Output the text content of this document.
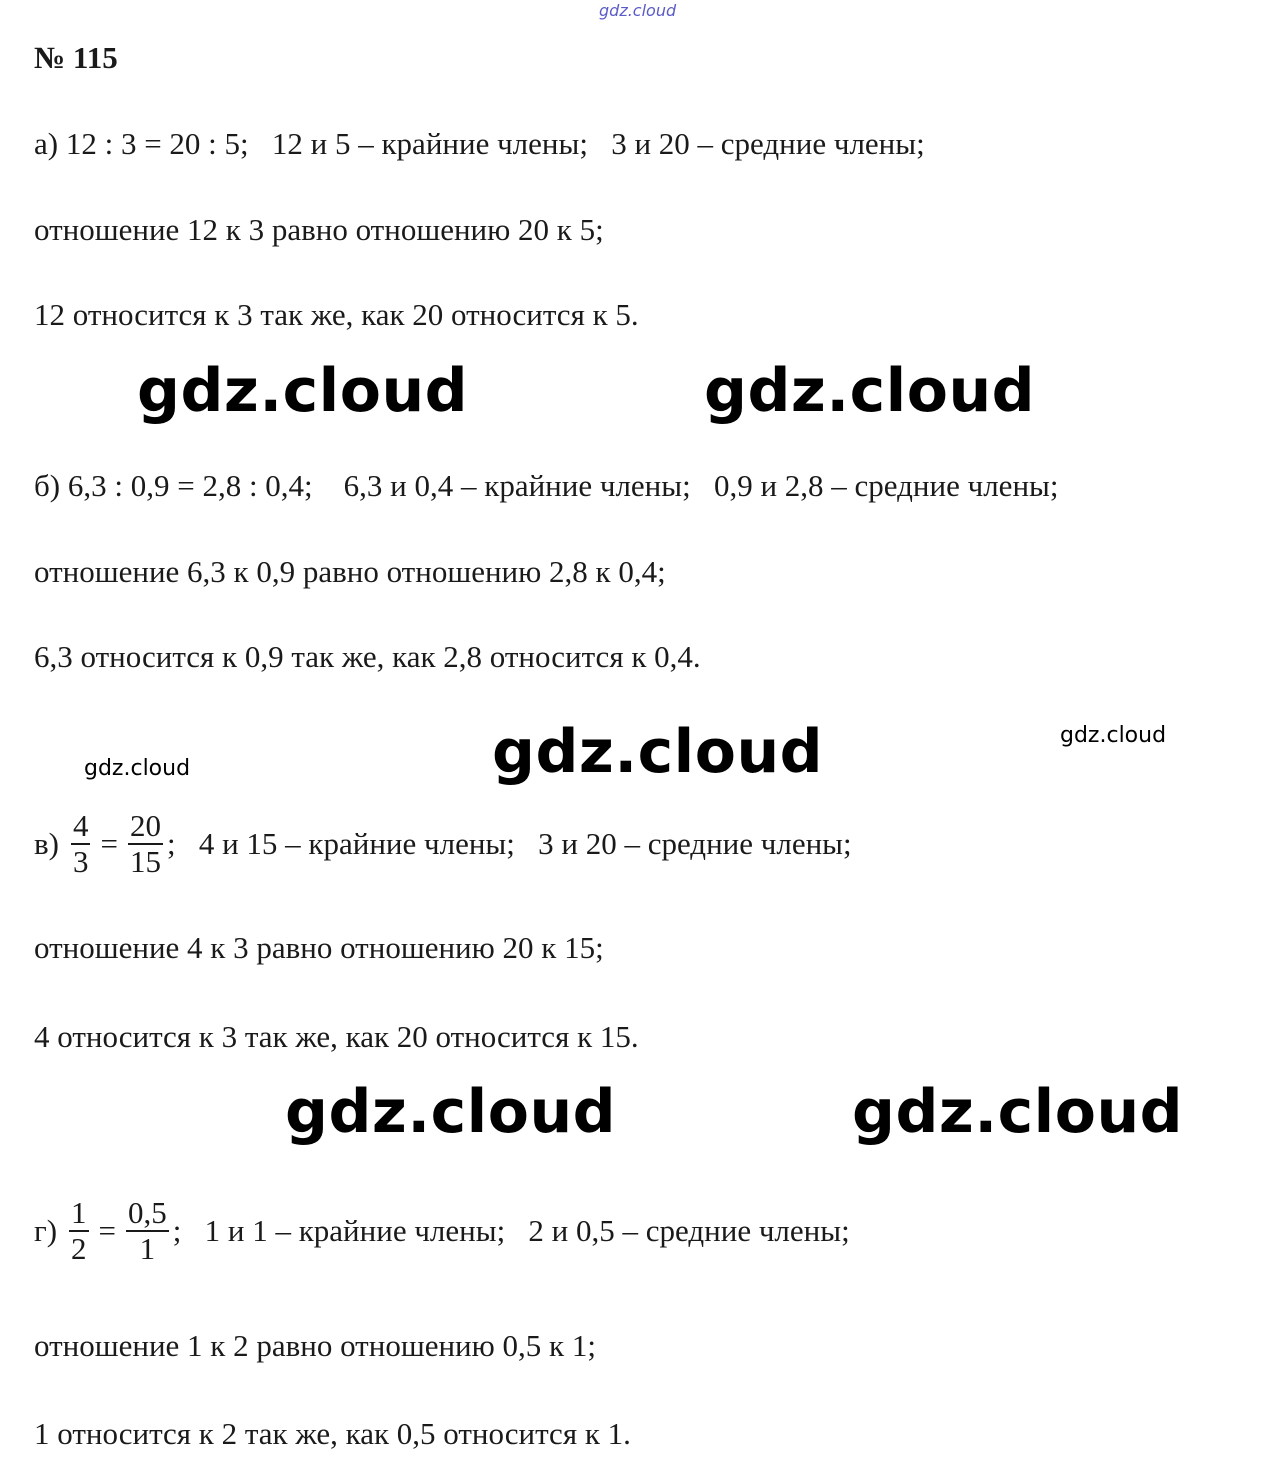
gdz.cloud
№ 115
а) 12 : 3 = 20 : 5;   12 и 5 – крайние члены;   3 и 20 – средние члены;
отношение 12 к 3 равно отношению 20 к 5;
12 относится к 3 так же, как 20 относится к 5.
gdz.cloud	gdz.cloud
б) 6,3 : 0,9 = 2,8 : 0,4;    6,3 и 0,4 – крайние члены;   0,9 и 2,8 – средние члены;
отношение 6,3 к 0,9 равно отношению 2,8 к 0,4;
6,3 относится к 0,9 так же, как 2,8 относится к 0,4.
gdz.cloud	gdz.cloud
gdz.cloud
$в) \frac{4}{3} = \frac{20}{15}$ ;   4 и 15 – крайние члены;   3 и 20 – средние члены;
отношение 4 к 3 равно отношению 20 к 15;
4 относится к 3 так же, как 20 относится к 15.
gdz.cloud	gdz.cloud
$г) \frac{1}{2} = \frac{0,5}{1}$ ;   1 и 1 – крайние члены;   2 и 0,5 – средние члены;
отношение 1 к 2 равно отношению 0,5 к 1;
1 относится к 2 так же, как 0,5 относится к 1.
